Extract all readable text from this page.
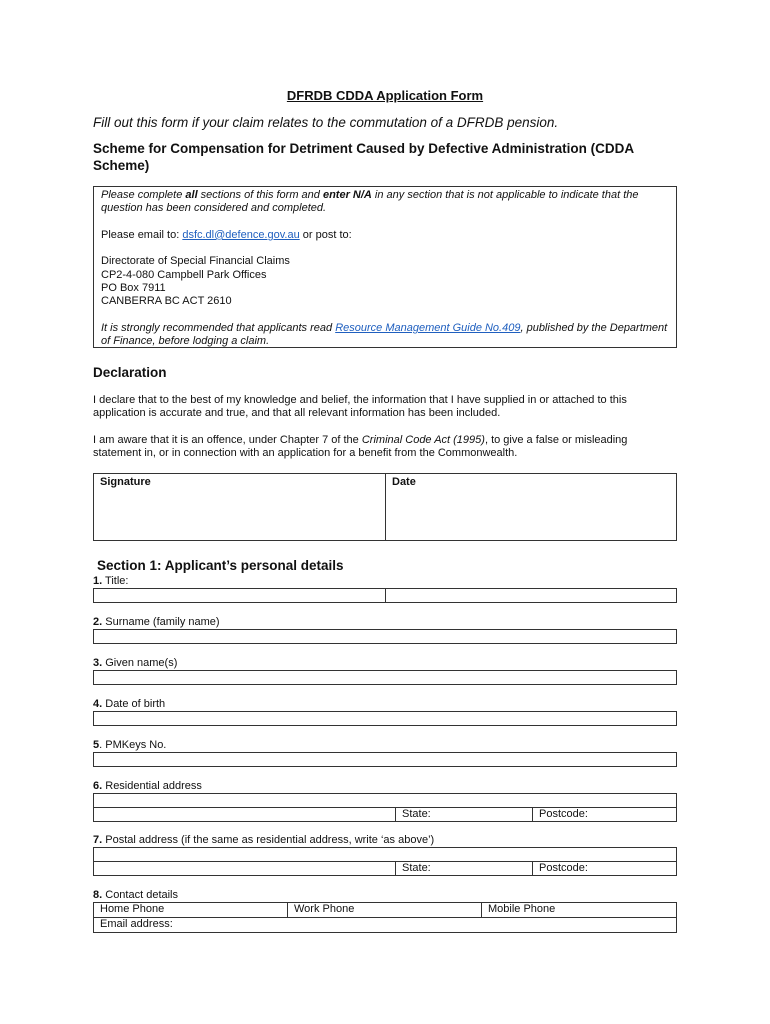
DFRDB CDDA Application Form
Fill out this form if your claim relates to the commutation of a DFRDB pension.
Scheme for Compensation for Detriment Caused by Defective Administration (CDDA Scheme)

Please complete all sections of this form and enter N/A in any section that is not applicable to indicate that the question has been considered and completed.

Please email to: dsfc.dl@defence.gov.au or post to:

Directorate of Special Financial Claims

CP2-4-080 Campbell Park Offices

PO Box 7911

CANBERRA BC ACT 2610

It is strongly recommended that applicants read Resource Management Guide No.409, published by the Department of Finance, before lodging a claim.

Declaration
I declare that to the best of my knowledge and belief, the information that I have supplied in or attached to this application is accurate and true, and that all relevant information has been included.
I am aware that it is an offence, under Chapter 7 of the Criminal Code Act (1995), to give a false or misleading statement in, or in connection with an application for a benefit from the Commonwealth.
Signature	Date
Section 1: Applicant’s personal details
1. Title:
2. Surname (family name)
3. Given name(s)
4. Date of birth
5. PMKeys No.
6. Residential address
State:	Postcode:
7. Postal address (if the same as residential address, write ‘as above’)
State:	Postcode:
8. Contact details
Home Phone	Work Phone	Mobile Phone
Email address:
